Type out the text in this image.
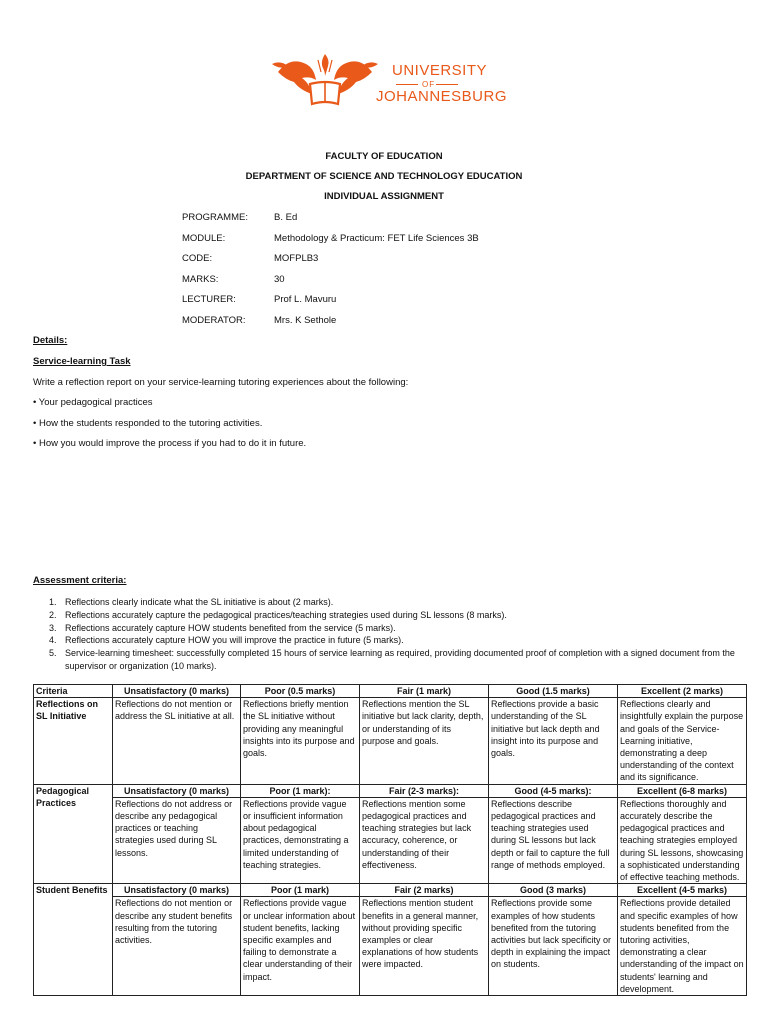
UNIVERSITY
OF
JOHANNESBURG
FACULTY OF EDUCATION
DEPARTMENT OF SCIENCE AND TECHNOLOGY EDUCATION
INDIVIDUAL ASSIGNMENT
PROGRAMME:	B. Ed
MODULE:	Methodology & Practicum: FET Life Sciences 3B
CODE:	MOFPLB3
MARKS:	30
LECTURER:	Prof L. Mavuru
MODERATOR:	Mrs. K Sethole
Details:
Service-learning Task
Write a reflection report on your service-learning tutoring experiences about the following:
• Your pedagogical practices
• How the students responded to the tutoring activities.
• How you would improve the process if you had to do it in future.
Assessment criteria:
1. Reflections clearly indicate what the SL initiative is about (2 marks).
2. Reflections accurately capture the pedagogical practices/teaching strategies used during SL lessons (8 marks).
3. Reflections accurately capture HOW students benefited from the service (5 marks).
4. Reflections accurately capture HOW you will improve the practice in future (5 marks).
5. Service-learning timesheet: successfully completed 15 hours of service learning as required, providing documented proof of completion with a signed document from the supervisor or organization (10 marks).
Criteria	Unsatisfactory (0 marks)	Poor (0.5 marks)	Fair (1 mark)	Good (1.5 marks)	Excellent (2 marks)
Reflections on SL Initiative	Reflections do not mention or address the SL initiative at all.	Reflections briefly mention the SL initiative without providing any meaningful insights into its purpose and goals.	Reflections mention the SL initiative but lack clarity, depth, or understanding of its purpose and goals.	Reflections provide a basic understanding of the SL initiative but lack depth and insight into its purpose and goals.	Reflections clearly and insightfully explain the purpose and goals of the Service-Learning initiative, demonstrating a deep understanding of the context and its significance.
Pedagogical Practices	Unsatisfactory (0 marks)	Poor (1 mark):	Fair (2-3 marks):	Good (4-5 marks):	Excellent (6-8 marks)
	Reflections do not address or describe any pedagogical practices or teaching strategies used during SL lessons.	Reflections provide vague or insufficient information about pedagogical practices, demonstrating a limited understanding of teaching strategies.	Reflections mention some pedagogical practices and teaching strategies but lack accuracy, coherence, or understanding of their effectiveness.	Reflections describe pedagogical practices and teaching strategies used during SL lessons but lack depth or fail to capture the full range of methods employed.	Reflections thoroughly and accurately describe the pedagogical practices and teaching strategies employed during SL lessons, showcasing a sophisticated understanding of effective teaching methods.
Student Benefits	Unsatisfactory (0 marks)	Poor (1 mark)	Fair (2 marks)	Good (3 marks)	Excellent (4-5 marks)
	Reflections do not mention or describe any student benefits resulting from the tutoring activities.	Reflections provide vague or unclear information about student benefits, lacking specific examples and failing to demonstrate a clear understanding of their impact.	Reflections mention student benefits in a general manner, without providing specific examples or clear explanations of how students were impacted.	Reflections provide some examples of how students benefited from the tutoring activities but lack specificity or depth in explaining the impact on students.	Reflections provide detailed and specific examples of how students benefited from the tutoring activities, demonstrating a clear understanding of the impact on students' learning and development.
